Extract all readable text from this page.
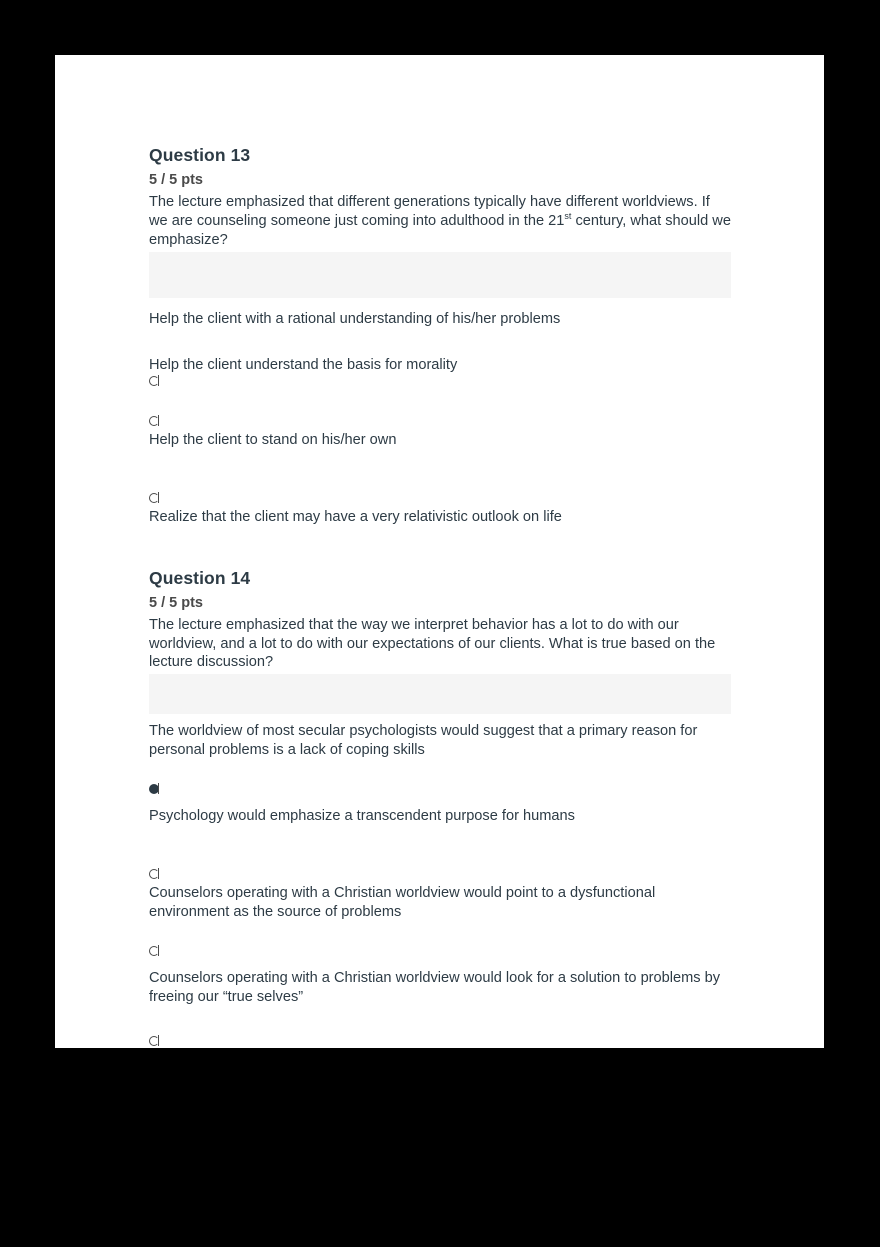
Question 13
5 / 5 pts
The lecture emphasized that different generations typically have different worldviews. If we are counseling someone just coming into adulthood in the 21st century, what should we emphasize?
Help the client with a rational understanding of his/her problems
Help the client understand the basis for morality
Help the client to stand on his/her own
Realize that the client may have a very relativistic outlook on life
Question 14
5 / 5 pts
The lecture emphasized that the way we interpret behavior has a lot to do with our worldview, and a lot to do with our expectations of our clients. What is true based on the lecture discussion?
The worldview of most secular psychologists would suggest that a primary reason for personal problems is a lack of coping skills
Psychology would emphasize a transcendent purpose for humans
Counselors operating with a Christian worldview would point to a dysfunctional environment as the source of problems
Counselors operating with a Christian worldview would look for a solution to problems by freeing our “true selves”
